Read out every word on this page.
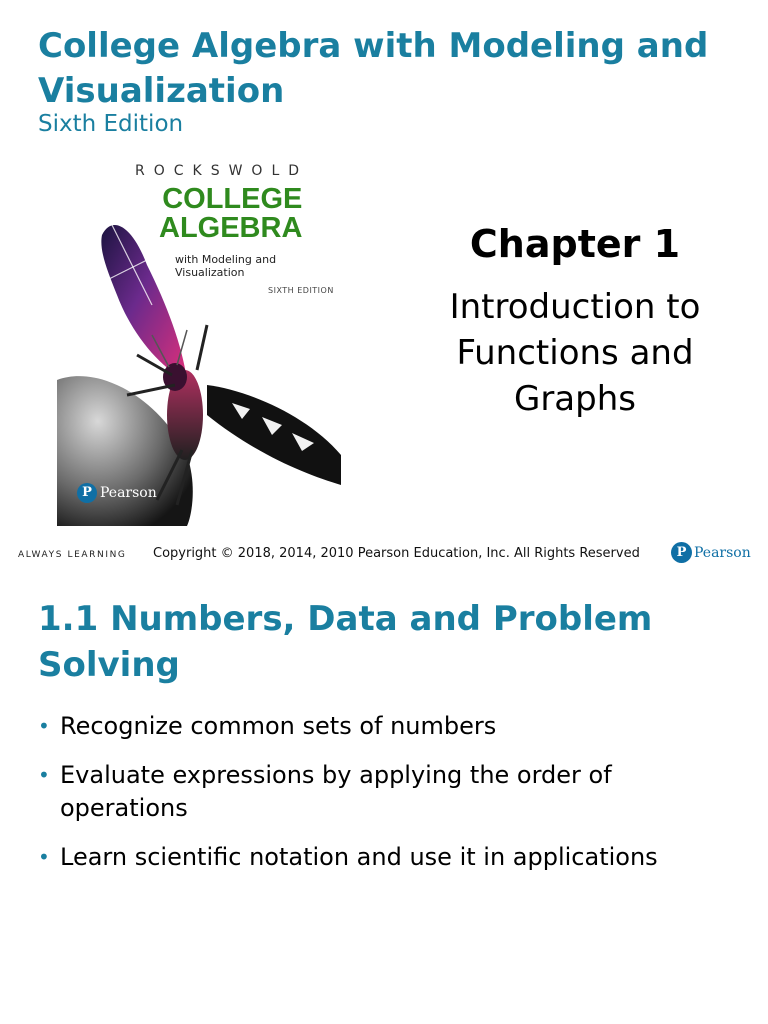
College Algebra with Modeling and Visualization

Sixth Edition

ROCKSWOLD
COLLEGE
ALGEBRA
with Modeling and Visualization
SIXTH EDITION
P Pearson
Chapter 1
Introduction to
Functions and
Graphs
ALWAYS LEARNING Copyright © 2018, 2014, 2010 Pearson Education, Inc. All Rights Reserved	P Pearson
1.1 Numbers, Data and Problem Solving
• Recognize common sets of numbers
• Evaluate expressions by applying the order of operations
• Learn scientific notation and use it in applications
